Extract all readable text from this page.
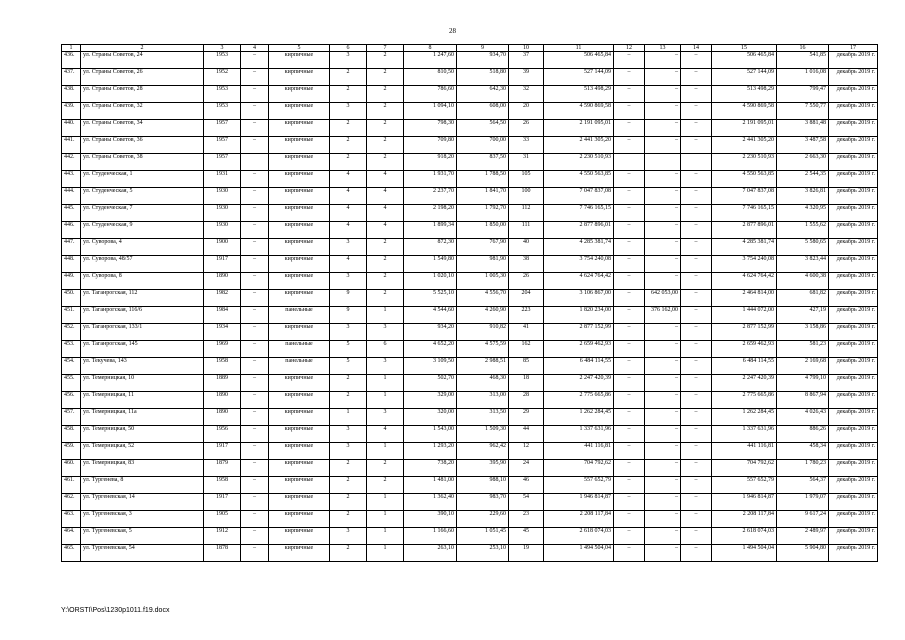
28
1	2	3	4	5	6	7	8	9	10	11	12	13	14	15	16	17
436.	ул. Страны Советов, 24	1953	–	кирпичные	3	2	1 247,60	934,70	37	506 465,84	–	–	–	506 465,84	541,85	декабрь 2019 г.
437.	ул. Страны Советов, 26	1952	–	кирпичные	2	2	810,50	518,80	39	527 144,09	–	–	–	527 144,09	1 016,08	декабрь 2019 г.
438.	ул. Страны Советов, 28	1953	–	кирпичные	2	2	786,60	642,30	32	513 498,29	–	–	–	513 498,29	799,47	декабрь 2019 г.
439.	ул. Страны Советов, 32	1953	–	кирпичные	3	2	1 094,10	608,00	20	4 590 869,58	–	–	–	4 590 869,58	7 550,77	декабрь 2019 г.
440.	ул. Страны Советов, 34	1957	–	кирпичные	2	2	798,30	564,50	26	2 191 095,01	–	–	–	2 191 095,01	3 881,48	декабрь 2019 г.
441.	ул. Страны Советов, 36	1957	–	кирпичные	2	2	709,80	700,00	33	2 441 305,20	–	–	–	2 441 305,20	3 487,58	декабрь 2019 г.
442.	ул. Страны Советов, 38	1957		кирпичные	2	2	918,20	837,50	31	2 230 510,93				2 230 510,93	2 663,30	декабрь 2019 г.
443.	ул. Студенческая, 1	1931	–	кирпичные	4	4	1 931,70	1 788,50	105	4 550 563,85	–	–	–	4 550 563,85	2 544,35	декабрь 2019 г.
444.	ул. Студенческая, 5	1930	–	кирпичные	4	4	2 237,70	1 841,70	100	7 047 837,08	–	–	–	7 047 837,08	3 826,81	декабрь 2019 г.
445.	ул. Студенческая, 7	1930	–	кирпичные	4	4	2 198,20	1 792,70	112	7 746 165,15	–	–	–	7 746 165,15	4 320,95	декабрь 2019 г.
446.	ул. Студенческая, 9	1930	–	кирпичные	4	4	1 899,34	1 850,00	111	2 877 896,01	–	–	–	2 877 896,01	1 555,62	декабрь 2019 г.
447.	ул. Суворова, 4	1900	–	кирпичные	3	2	872,30	767,90	40	4 285 381,74	–	–	–	4 285 381,74	5 580,65	декабрь 2019 г.
448.	ул. Суворова, 48/57	1917	–	кирпичные	4	2	1 549,80	981,90	38	3 754 240,08	–	–	–	3 754 240,08	3 823,44	декабрь 2019 г.
449.	ул. Суворова, 8	1890	–	кирпичные	3	2	1 020,10	1 005,30	26	4 624 764,42	–	–	–	4 624 764,42	4 600,38	декабрь 2019 г.
450.	ул. Таганрогская, 112	1982	–	кирпичные	9	2	5 525,10	4 556,70	204	3 106 867,00	–	642 053,00	–	2 464 814,00	681,82	декабрь 2019 г.
451.	ул. Таганрогская, 116/6	1984	–	панельные	9	1	4 544,60	4 260,90	223	1 820 234,00	–	376 162,00	–	1 444 072,00	427,19	декабрь 2019 г.
452.	ул. Таганрогская, 133/1	1934	–	кирпичные	3	3	934,20	910,82	41	2 877 152,99	–	–	–	2 877 152,99	3 158,86	декабрь 2019 г.
453.	ул. Таганрогская, 145	1969	–	панельные	5	6	4 652,20	4 575,59	162	2 659 462,93	–	–	–	2 659 462,93	581,23	декабрь 2019 г.
454.	ул. Текучева, 143	1958	–	панельные	5	3	3 109,50	2 988,51	85	6 484 114,55	–	–	–	6 484 114,55	2 169,68	декабрь 2019 г.
455.	ул. Темерницкая, 10	1889	–	кирпичные	2	1	502,70	468,30	18	2 247 420,39	–	–	–	2 247 420,39	4 799,10	декабрь 2019 г.
456.	ул. Темерницкая, 11	1890	–	кирпичные	2	1	329,00	313,00	28	2 775 665,86	–	–	–	2 775 665,86	8 867,94	декабрь 2019 г.
457.	ул. Темерницкая, 11а	1890	–	кирпичные	1	3	320,00	313,50	29	1 262 284,45	–	–	–	1 262 284,45	4 026,43	декабрь 2019 г.
458.	ул. Темерницкая, 50	1956	–	кирпичные	3	4	1 543,00	1 509,30	44	1 337 631,96	–	–	–	1 337 631,96	886,26	декабрь 2019 г.
459.	ул. Темерницкая, 52	1917	–	кирпичные	3	1	1 293,20	962,42	12	441 116,81	–	–	–	441 116,81	458,34	декабрь 2019 г.
460.	ул. Темерницкая, 83	1879	–	кирпичные	2	2	738,20	395,90	24	704 792,62	–	–	–	704 792,62	1 780,23	декабрь 2019 г.
461.	ул. Тургенева, 8	1958	–	кирпичные	2	2	1 481,00	988,10	46	557 652,79	–	–	–	557 652,79	564,37	декабрь 2019 г.
462.	ул. Тургеневская, 14	1917	–	кирпичные	2	1	1 362,40	983,70	54	1 946 814,87	–	–	–	1 946 814,87	1 979,07	декабрь 2019 г.
463.	ул. Тургеневская, 3	1905	–	кирпичные	2	1	390,10	229,60	23	2 208 117,84	–	–	–	2 208 117,84	9 617,24	декабрь 2019 г.
464.	ул. Тургеневская, 5	1912	–	кирпичные	3	1	1 166,60	1 051,45	45	2 618 074,03	–	–	–	2 618 074,03	2 489,97	декабрь 2019 г.
465.	ул. Тургеневская, 54	1878	–	кирпичные	2	1	263,10	253,10	19	1 494 504,04	–	–	–	1 494 504,04	5 904,80	декабрь 2019 г.
Y:\ORSTI\Pos\1230p1011.f19.docx
